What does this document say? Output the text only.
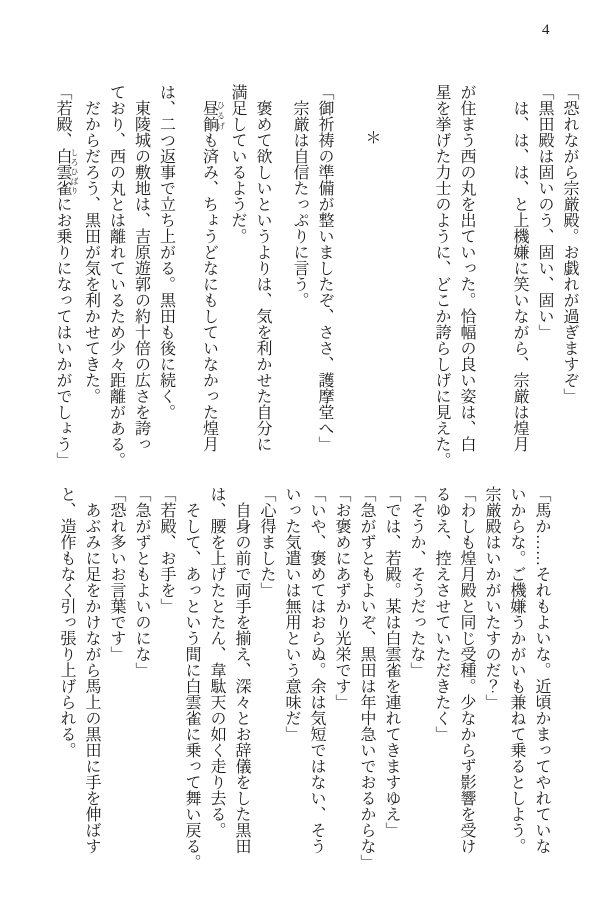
4
「恐れながら宗厳殿。お戯れが過ぎますぞ」
「黒田殿は固いのう、固い、固い」
は、は、は、と上機嫌に笑いながら、宗厳は煌月
が住まう西の丸を出ていった。恰幅の良い姿は、白
星を挙げた力士のように、どこか誇らしげに見えた。
＊
「御祈祷の準備が整いましたぞ、ささ、護摩堂へ」
宗厳は自信たっぷりに言う。
褒めて欲しいというよりは、気を利かせた自分に
満足しているようだ。
昼餉 ひるげも済み、ちょうどなにもしていなかった煌月
は、二つ返事で立ち上がる。黒田も後に続く。
東陵城の敷地は、吉原遊郭の約十倍の広さを誇っ
ており、西の丸とは離れているため少々距離がある。
だからだろう、黒田が気を利かせてきた。
「若殿、白雲雀 しろひばりにお乗りになってはいかがでしょう」
「馬か……それもよいな。近頃かまってやれていな
いからな。ご機嫌うかがいも兼ねて乗るとしよう。
宗厳殿はいかがいたすのだ？」
「わしも煌月殿と同じ受種。少なからず影響を受け
るゆえ、控えさせていただきたく」
「そうか、そうだったな」
「では、若殿。某は白雲雀を連れてきますゆえ」
「急がずともよいぞ、黒田は年中急いでおるからな」
「お褒めにあずかり光栄です」
「いや、褒めてはおらぬ。余は気短ではない、そう
いった気遣いは無用という意味だ」
「心得ました」
自身の前で両手を揃え、深々とお辞儀をした黒田
は、腰を上げたとたん、韋駄天の如く走り去る。
そして、あっという間に白雲雀に乗って舞い戻る。
「若殿、お手を」
「急がずともよいのにな」
「恐れ多いお言葉です」
あぶみに足をかけながら馬上の黒田に手を伸ばす
と、造作もなく引っ張り上げられる。
